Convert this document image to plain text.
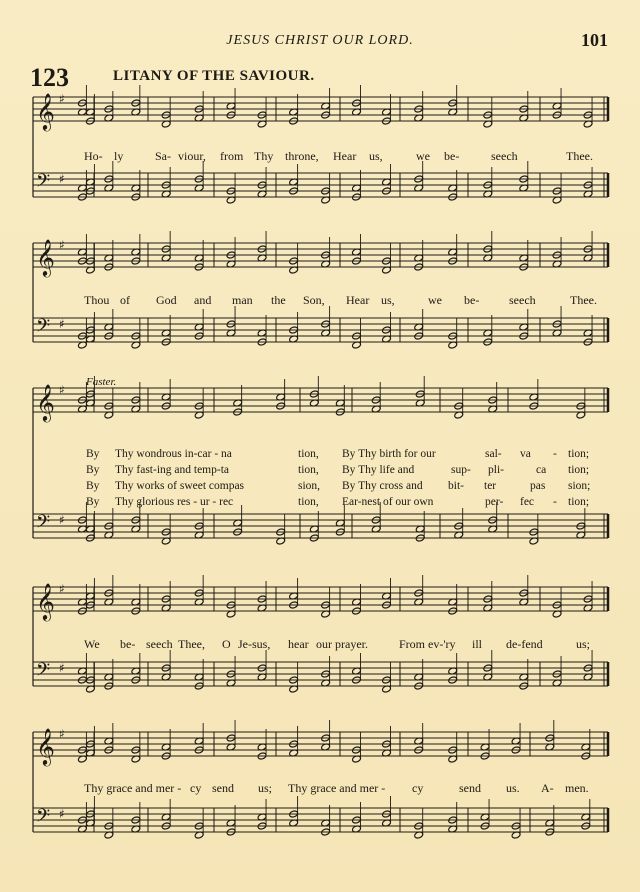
JESUS CHRIST OUR LORD.	101
123	LITANY OF THE SAVIOUR.
𝄞 ♯
𝄢 ♯
𝄞 ♯
𝄢 ♯
𝄞 ♯
𝄢 ♯
𝄞 ♯
𝄢 ♯
𝄞 ♯
𝄢 ♯
Ho- ly	Sa- viour, from Thy throne, Hear us,	we be-	seech	Thee.
Thou of God and man the Son, Hear us,	we be- seech	Thee.
Faster.
By Thy wondrous in-car - na	tion, By Thy birth for our	sal- va - tion;
By Thy fast-ing and temp-ta	tion, By Thy life and	sup- pli-	ca tion;
By Thy works of sweet compas	sion, By Thy cross and bit- ter	pas sion;
By Thy glorious res - ur - rec	tion, Ear-nest of our own	per- fec - tion;
We be- seech Thee, O Je-sus, hear our prayer.	From ev-'ry ill de-fend	us;
Thy grace and mer - cy send us; Thy grace and mer - cy	send us. A- men.
